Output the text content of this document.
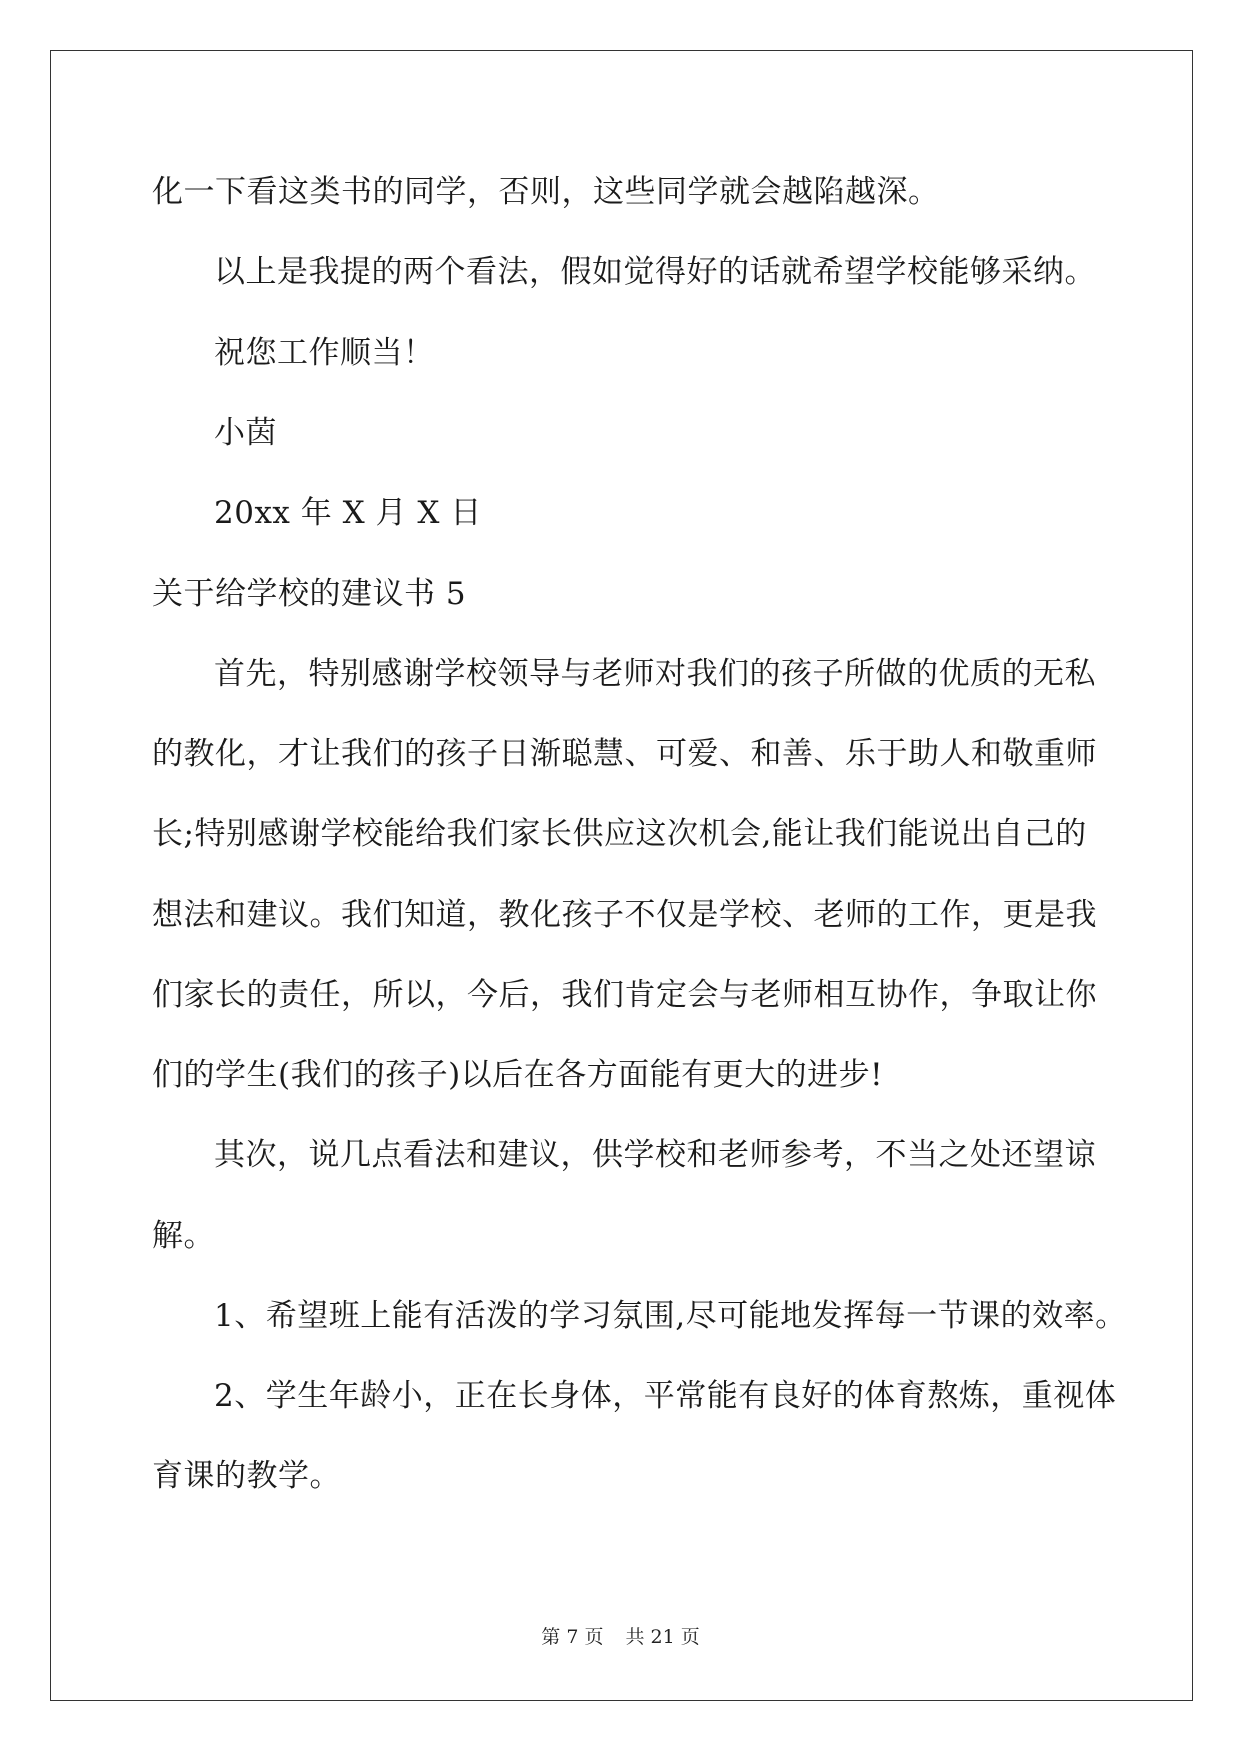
化一下看这类书的同学，否则，这些同学就会越陷越深。
以上是我提的两个看法，假如觉得好的话就希望学校能够采纳。
祝您工作顺当！
小茵
20xx 年 X 月 X 日
关于给学校的建议书 5
首先，特别感谢学校领导与老师对我们的孩子所做的优质的无私
的教化，才让我们的孩子日渐聪慧、可爱、和善、乐于助人和敬重师
长;特别感谢学校能给我们家长供应这次机会,能让我们能说出自己的
想法和建议。我们知道，教化孩子不仅是学校、老师的工作，更是我
们家长的责任，所以，今后，我们肯定会与老师相互协作，争取让你
们的学生(我们的孩子)以后在各方面能有更大的进步!
其次，说几点看法和建议，供学校和老师参考，不当之处还望谅
解。
1、希望班上能有活泼的学习氛围,尽可能地发挥每一节课的效率。
2、学生年龄小，正在长身体，平常能有良好的体育熬炼，重视体
育课的教学。
第 7 页 共 21 页
